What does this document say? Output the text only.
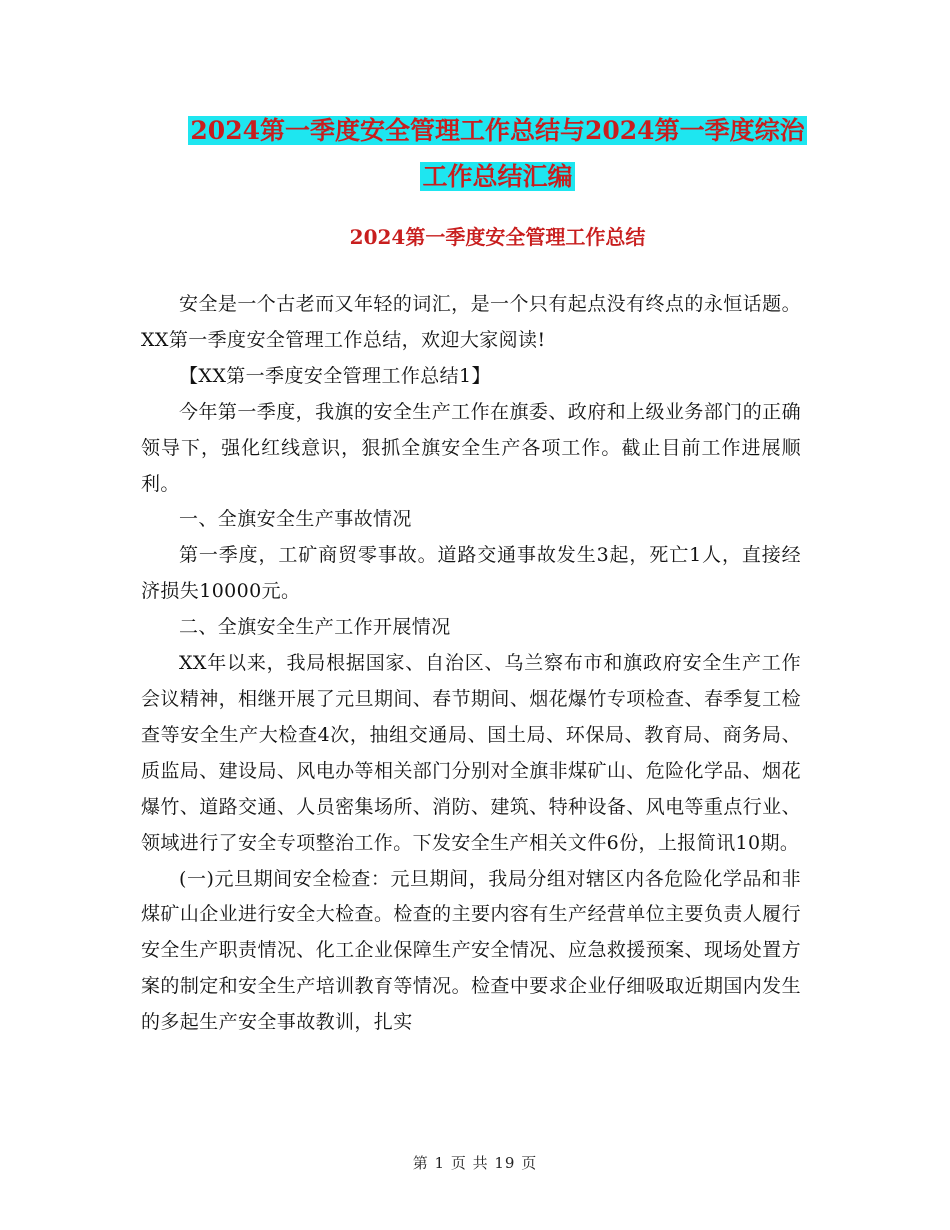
2024第一季度安全管理工作总结与2024第一季度综治
工作总结汇编
2024第一季度安全管理工作总结

安全是一个古老而又年轻的词汇，是一个只有起点没有终点的永恒话题。XX第一季度安全管理工作总结，欢迎大家阅读!

【XX第一季度安全管理工作总结1】

今年第一季度，我旗的安全生产工作在旗委、政府和上级业务部门的正确领导下，强化红线意识，狠抓全旗安全生产各项工作。截止目前工作进展顺利。

一、全旗安全生产事故情况

第一季度，工矿商贸零事故。道路交通事故发生3起，死亡1人，直接经济损失10000元。

二、全旗安全生产工作开展情况

XX年以来，我局根据国家、自治区、乌兰察布市和旗政府安全生产工作会议精神，相继开展了元旦期间、春节期间、烟花爆竹专项检查、春季复工检查等安全生产大检查4次，抽组交通局、国土局、环保局、教育局、商务局、质监局、建设局、风电办等相关部门分别对全旗非煤矿山、危险化学品、烟花爆竹、道路交通、人员密集场所、消防、建筑、特种设备、风电等重点行业、领域进行了安全专项整治工作。下发安全生产相关文件6份，上报简讯10期。

(一)元旦期间安全检查：元旦期间，我局分组对辖区内各危险化学品和非煤矿山企业进行安全大检查。检查的主要内容有生产经营单位主要负责人履行安全生产职责情况、化工企业保障生产安全情况、应急救援预案、现场处置方案的制定和安全生产培训教育等情况。检查中要求企业仔细吸取近期国内发生的多起生产安全事故教训，扎实

第 1 页 共 19 页
